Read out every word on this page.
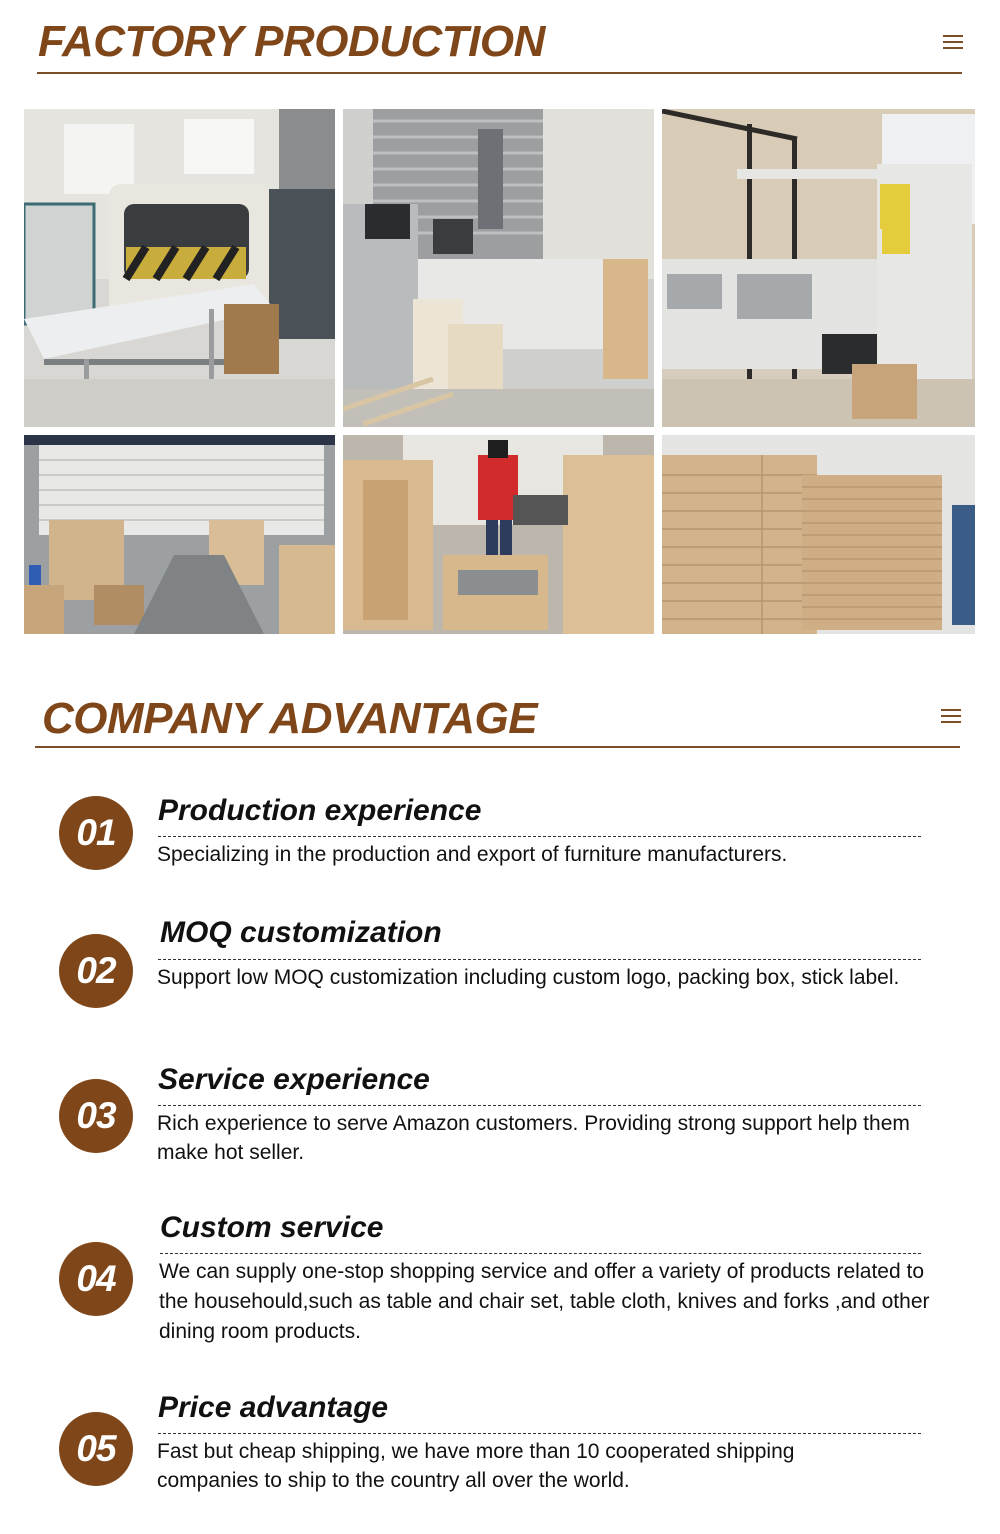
FACTORY PRODUCTION
COMPANY ADVANTAGE
01
Production experience
Specializing in the production and export of furniture manufacturers.
02
MOQ customization
Support low MOQ customization including custom logo, packing box, stick label.
03
Service experience
Rich experience to serve Amazon customers. Providing strong support help them make hot seller.
04
Custom service
We can supply one-stop shopping service and offer a variety of products related to the househould,such as table and chair set, table cloth, knives and forks ,and other dining room products.
05
Price advantage
Fast but cheap shipping, we have more than 10 cooperated shipping companies to ship to the country all over the world.
